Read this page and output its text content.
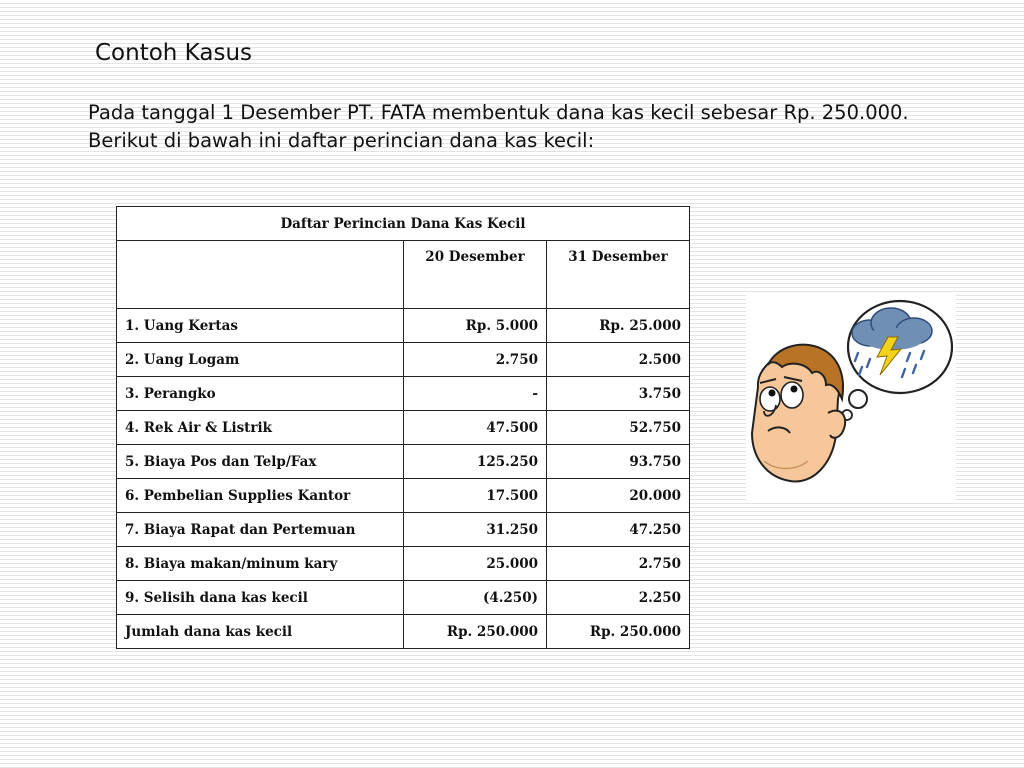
Contoh Kasus

Pada tanggal 1 Desember PT. FATA membentuk dana kas kecil sebesar Rp. 250.000. Berikut di bawah ini daftar perincian dana kas kecil:

Daftar Perincian Dana Kas Kecil		
	20 Desember	31 Desember
1. Uang Kertas	Rp. 5.000	Rp. 25.000
2. Uang Logam	2.750	2.500
3. Perangko	-	3.750
4. Rek Air & Listrik	47.500	52.750
5. Biaya Pos dan Telp/Fax	125.250	93.750
6. Pembelian Supplies Kantor	17.500	20.000
7. Biaya Rapat dan Pertemuan	31.250	47.250
8. Biaya makan/minum kary	25.000	2.750
9. Selisih dana kas kecil	(4.250)	2.250
Jumlah dana kas kecil	Rp. 250.000	Rp. 250.000
